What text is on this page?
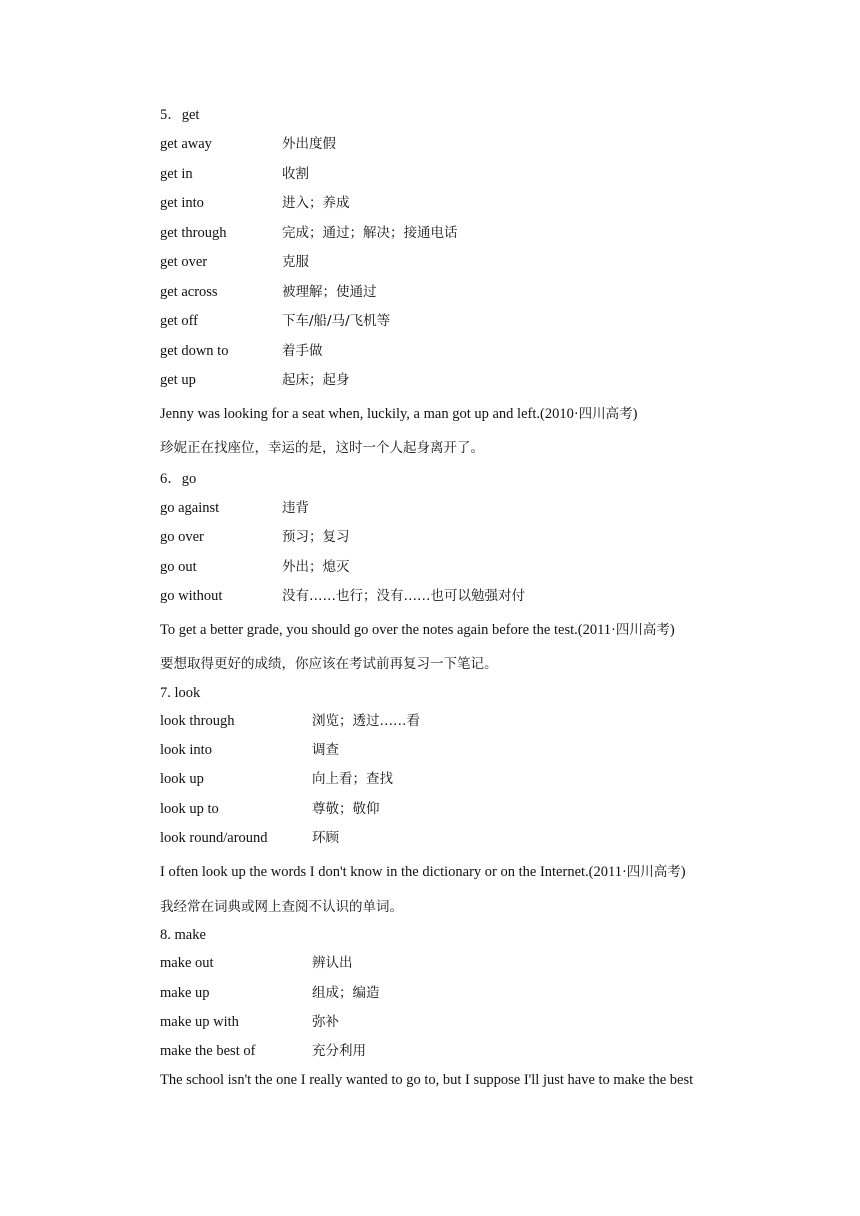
5．get
get away	外出度假
get in	收割
get into	进入；养成
get through	完成；通过；解决；接通电话
get over	克服
get across	被理解；使通过
get off	下车/船/马/飞机等
get down to	着手做
get up	起床；起身
Jenny was looking for a seat when, luckily, a man got up and left.(2010·四川高考)
珍妮正在找座位，幸运的是，这时一个人起身离开了。
6．go
go against	违背
go over	预习；复习
go out	外出；熄灭
go without	没有……也行；没有……也可以勉强对付
To get a better grade, you should go over the notes again before the test.(2011·四川高考)
要想取得更好的成绩，你应该在考试前再复习一下笔记。
7. look
look through	浏览；透过……看
look into	调查
look up	向上看；查找
look up to	尊敬；敬仰
look round/around	环顾
I often look up the words I don't know in the dictionary or on the Internet.(2011·四川高考)
我经常在词典或网上查阅不认识的单词。
8. make
make out	辨认出
make up	组成；编造
make up with	弥补
make the best of	充分利用
The school isn't the one I really wanted to go to, but I suppose I'll just have to make the best
